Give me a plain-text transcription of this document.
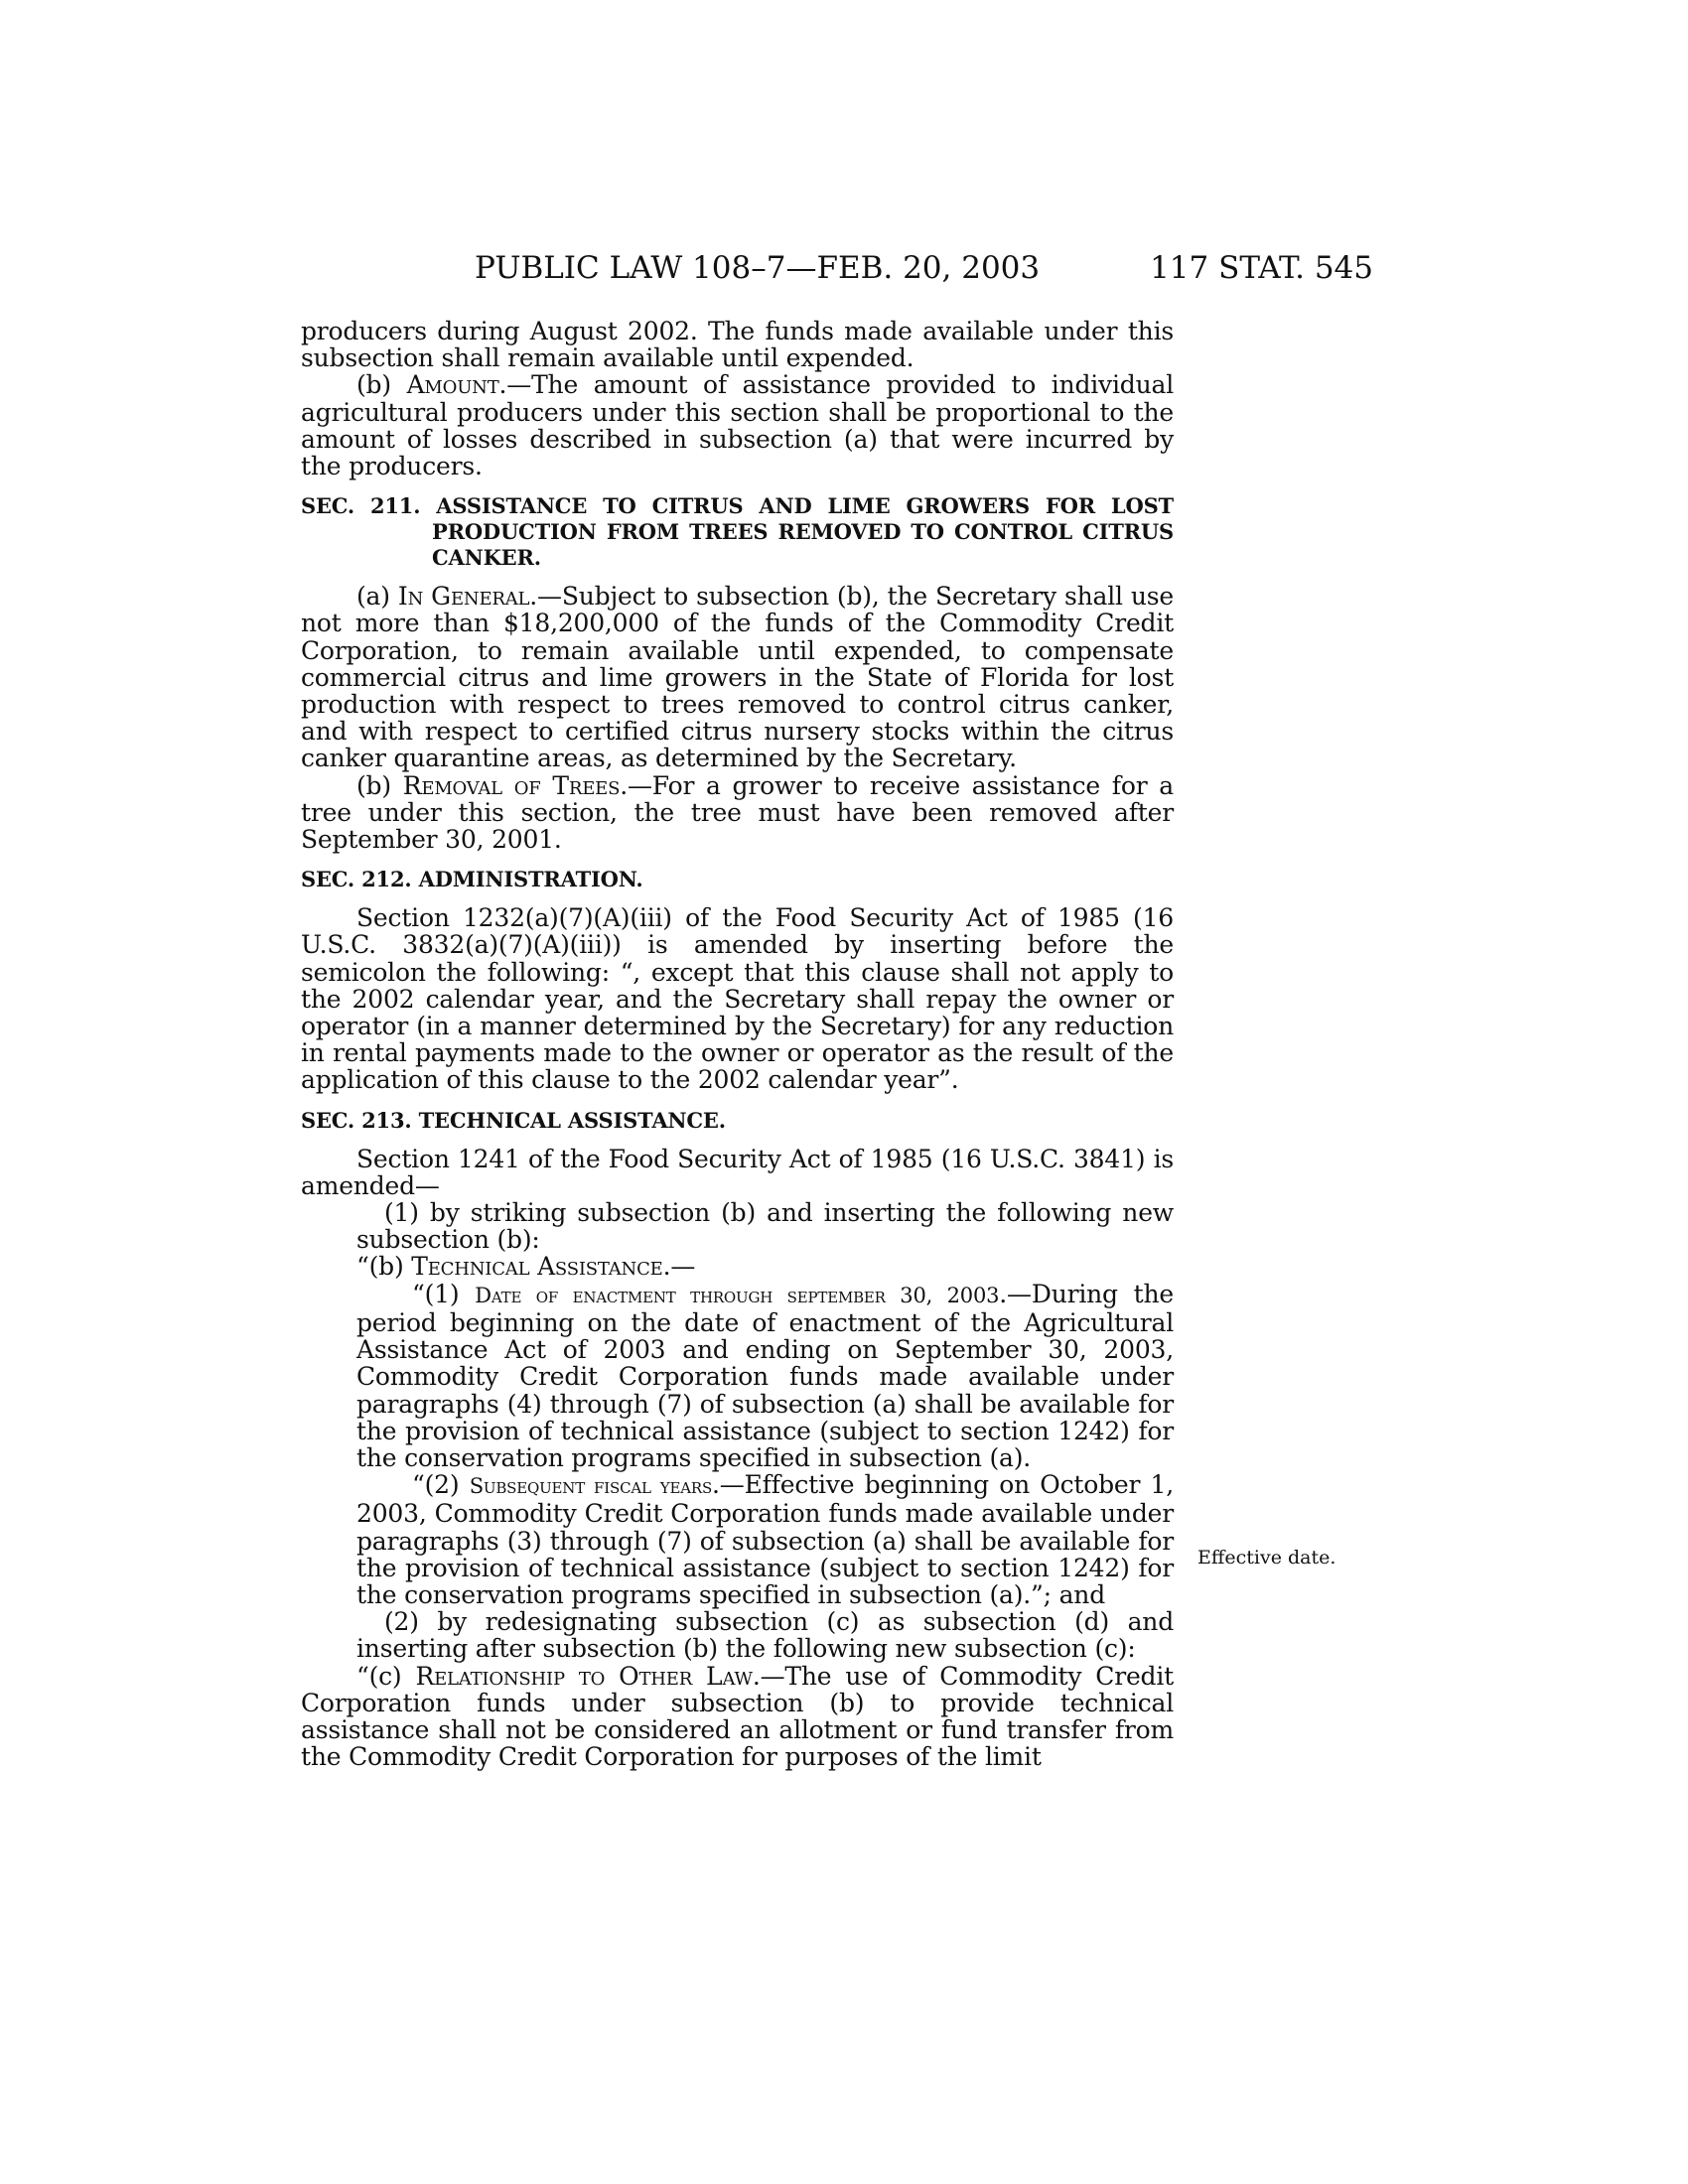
PUBLIC LAW 108–7—FEB. 20, 2003	117 STAT. 545

producers during August 2002. The funds made available under this subsection shall remain available until expended.

(b) Amount.—The amount of assistance provided to individual agricultural producers under this section shall be proportional to the amount of losses described in subsection (a) that were incurred by the producers.

SEC. 211. ASSISTANCE TO CITRUS AND LIME GROWERS FOR LOST PRODUCTION FROM TREES REMOVED TO CONTROL CITRUS CANKER.

(a) In General.—Subject to subsection (b), the Secretary shall use not more than $18,200,000 of the funds of the Commodity Credit Corporation, to remain available until expended, to compensate commercial citrus and lime growers in the State of Florida for lost production with respect to trees removed to control citrus canker, and with respect to certified citrus nursery stocks within the citrus canker quarantine areas, as determined by the Secretary.

(b) Removal of Trees.—For a grower to receive assistance for a tree under this section, the tree must have been removed after September 30, 2001.

SEC. 212. ADMINISTRATION.

Section 1232(a)(7)(A)(iii) of the Food Security Act of 1985 (16 U.S.C. 3832(a)(7)(A)(iii)) is amended by inserting before the semicolon the following: “, except that this clause shall not apply to the 2002 calendar year, and the Secretary shall repay the owner or operator (in a manner determined by the Secretary) for any reduction in rental payments made to the owner or operator as the result of the application of this clause to the 2002 calendar year”.

SEC. 213. TECHNICAL ASSISTANCE.

Section 1241 of the Food Security Act of 1985 (16 U.S.C. 3841) is amended—

(1) by striking subsection (b) and inserting the following new subsection (b):

“(b) Technical Assistance.—

“(1) Date of enactment through september 30, 2003.—During the period beginning on the date of enactment of the Agricultural Assistance Act of 2003 and ending on September 30, 2003, Commodity Credit Corporation funds made available under paragraphs (4) through (7) of subsection (a) shall be available for the provision of technical assistance (subject to section 1242) for the conservation programs specified in subsection (a).

“(2) Subsequent fiscal years.—Effective beginning on October 1, 2003, Commodity Credit Corporation funds made available under paragraphs (3) through (7) of subsection (a) shall be available for the provision of technical assistance (subject to section 1242) for the conservation programs specified in subsection (a).”; and

(2) by redesignating subsection (c) as subsection (d) and inserting after subsection (b) the following new subsection (c):

“(c) Relationship to Other Law.—The use of Commodity Credit Corporation funds under subsection (b) to provide technical assistance shall not be considered an allotment or fund transfer from the Commodity Credit Corporation for purposes of the limit

Effective date.
